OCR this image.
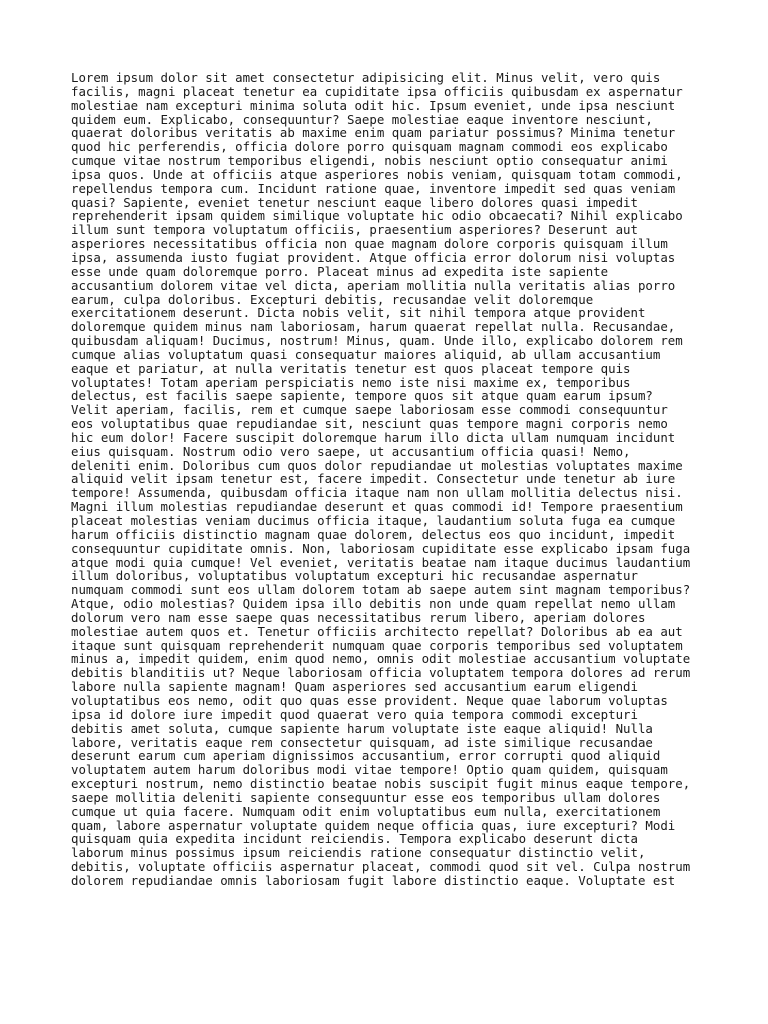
Lorem ipsum dolor sit amet consectetur adipisicing elit. Minus velit, vero quis
facilis, magni placeat tenetur ea cupiditate ipsa officiis quibusdam ex aspernatur
molestiae nam excepturi minima soluta odit hic. Ipsum eveniet, unde ipsa nesciunt
quidem eum. Explicabo, consequuntur? Saepe molestiae eaque inventore nesciunt,
quaerat doloribus veritatis ab maxime enim quam pariatur possimus? Minima tenetur
quod hic perferendis, officia dolore porro quisquam magnam commodi eos explicabo
cumque vitae nostrum temporibus eligendi, nobis nesciunt optio consequatur animi
ipsa quos. Unde at officiis atque asperiores nobis veniam, quisquam totam commodi,
repellendus tempora cum. Incidunt ratione quae, inventore impedit sed quas veniam
quasi? Sapiente, eveniet tenetur nesciunt eaque libero dolores quasi impedit
reprehenderit ipsam quidem similique voluptate hic odio obcaecati? Nihil explicabo
illum sunt tempora voluptatum officiis, praesentium asperiores? Deserunt aut
asperiores necessitatibus officia non quae magnam dolore corporis quisquam illum
ipsa, assumenda iusto fugiat provident. Atque officia error dolorum nisi voluptas
esse unde quam doloremque porro. Placeat minus ad expedita iste sapiente
accusantium dolorem vitae vel dicta, aperiam mollitia nulla veritatis alias porro
earum, culpa doloribus. Excepturi debitis, recusandae velit doloremque
exercitationem deserunt. Dicta nobis velit, sit nihil tempora atque provident
doloremque quidem minus nam laboriosam, harum quaerat repellat nulla. Recusandae,
quibusdam aliquam! Ducimus, nostrum! Minus, quam. Unde illo, explicabo dolorem rem
cumque alias voluptatum quasi consequatur maiores aliquid, ab ullam accusantium
eaque et pariatur, at nulla veritatis tenetur est quos placeat tempore quis
voluptates! Totam aperiam perspiciatis nemo iste nisi maxime ex, temporibus
delectus, est facilis saepe sapiente, tempore quos sit atque quam earum ipsum?
Velit aperiam, facilis, rem et cumque saepe laboriosam esse commodi consequuntur
eos voluptatibus quae repudiandae sit, nesciunt quas tempore magni corporis nemo
hic eum dolor! Facere suscipit doloremque harum illo dicta ullam numquam incidunt
eius quisquam. Nostrum odio vero saepe, ut accusantium officia quasi! Nemo,
deleniti enim. Doloribus cum quos dolor repudiandae ut molestias voluptates maxime
aliquid velit ipsam tenetur est, facere impedit. Consectetur unde tenetur ab iure
tempore! Assumenda, quibusdam officia itaque nam non ullam mollitia delectus nisi.
Magni illum molestias repudiandae deserunt et quas commodi id! Tempore praesentium
placeat molestias veniam ducimus officia itaque, laudantium soluta fuga ea cumque
harum officiis distinctio magnam quae dolorem, delectus eos quo incidunt, impedit
consequuntur cupiditate omnis. Non, laboriosam cupiditate esse explicabo ipsam fuga
atque modi quia cumque! Vel eveniet, veritatis beatae nam itaque ducimus laudantium
illum doloribus, voluptatibus voluptatum excepturi hic recusandae aspernatur
numquam commodi sunt eos ullam dolorem totam ab saepe autem sint magnam temporibus?
Atque, odio molestias? Quidem ipsa illo debitis non unde quam repellat nemo ullam
dolorum vero nam esse saepe quas necessitatibus rerum libero, aperiam dolores
molestiae autem quos et. Tenetur officiis architecto repellat? Doloribus ab ea aut
itaque sunt quisquam reprehenderit numquam quae corporis temporibus sed voluptatem
minus a, impedit quidem, enim quod nemo, omnis odit molestiae accusantium voluptate
debitis blanditiis ut? Neque laboriosam officia voluptatem tempora dolores ad rerum
labore nulla sapiente magnam! Quam asperiores sed accusantium earum eligendi
voluptatibus eos nemo, odit quo quas esse provident. Neque quae laborum voluptas
ipsa id dolore iure impedit quod quaerat vero quia tempora commodi excepturi
debitis amet soluta, cumque sapiente harum voluptate iste eaque aliquid! Nulla
labore, veritatis eaque rem consectetur quisquam, ad iste similique recusandae
deserunt earum cum aperiam dignissimos accusantium, error corrupti quod aliquid
voluptatem autem harum doloribus modi vitae tempore! Optio quam quidem, quisquam
excepturi nostrum, nemo distinctio beatae nobis suscipit fugit minus eaque tempore,
saepe mollitia deleniti sapiente consequuntur esse eos temporibus ullam dolores
cumque ut quia facere. Numquam odit enim voluptatibus eum nulla, exercitationem
quam, labore aspernatur voluptate quidem neque officia quas, iure excepturi? Modi
quisquam quia expedita incidunt reiciendis. Tempora explicabo deserunt dicta
laborum minus possimus ipsum reiciendis ratione consequatur distinctio velit,
debitis, voluptate officiis aspernatur placeat, commodi quod sit vel. Culpa nostrum
dolorem repudiandae omnis laboriosam fugit labore distinctio eaque. Voluptate est
